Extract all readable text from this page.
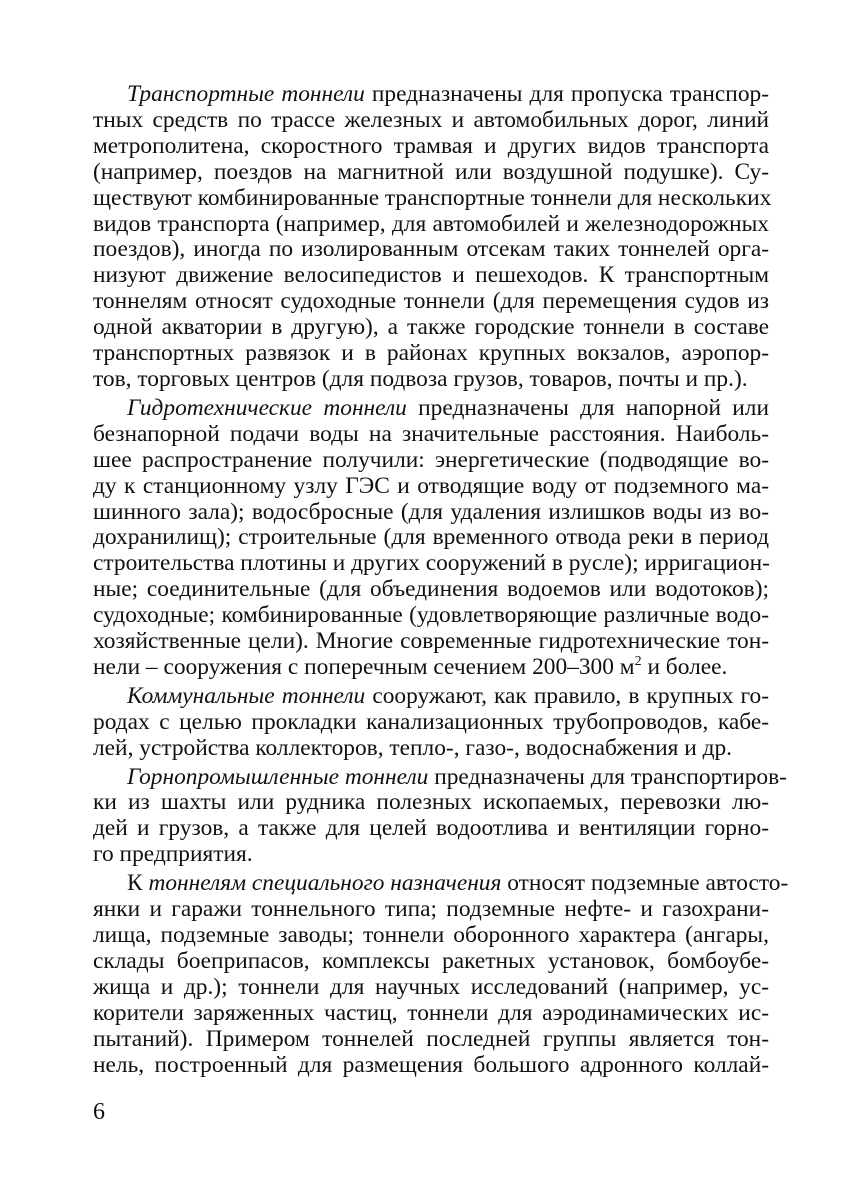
Транспортные тоннели предназначены для пропуска транспор-
тных средств по трассе железных и автомобильных дорог, линий
метрополитена, скоростного трамвая и других видов транспорта
(например, поездов на магнитной или воздушной подушке). Су-
ществуют комбинированные транспортные тоннели для нескольких
видов транспорта (например, для автомобилей и железнодорожных
поездов), иногда по изолированным отсекам таких тоннелей орга-
низуют движение велосипедистов и пешеходов. К транспортным
тоннелям относят судоходные тоннели (для перемещения судов из
одной акватории в другую), а также городские тоннели в составе
транспортных развязок и в районах крупных вокзалов, аэропор-
тов, торговых центров (для подвоза грузов, товаров, почты и пр.).

Гидротехнические тоннели предназначены для напорной или
безнапорной подачи воды на значительные расстояния. Наиболь-
шее распространение получили: энергетические (подводящие во-
ду к станционному узлу ГЭС и отводящие воду от подземного ма-
шинного зала); водосбросные (для удаления излишков воды из во-
дохранилищ); строительные (для временного отвода реки в период
строительства плотины и других сооружений в русле); ирригацион-
ные; соединительные (для объединения водоемов или водотоков);
судоходные; комбинированные (удовлетворяющие различные водо-
хозяйственные цели). Многие современные гидротехнические тон-
нели – сооружения с поперечным сечением 200–300 $м^2$ и более.

Коммунальные тоннели сооружают, как правило, в крупных го-
родах с целью прокладки канализационных трубопроводов, кабе-
лей, устройства коллекторов, тепло-, газо-, водоснабжения и др.

Горнопромышленные тоннели предназначены для транспортиров-
ки из шахты или рудника полезных ископаемых, перевозки лю-
дей и грузов, а также для целей водоотлива и вентиляции горно-
го предприятия.

К тоннелям специального назначения относят подземные автосто-
янки и гаражи тоннельного типа; подземные нефте- и газохрани-
лища, подземные заводы; тоннели оборонного характера (ангары,
склады боеприпасов, комплексы ракетных установок, бомбоубе-
жища и др.); тоннели для научных исследований (например, ус-
корители заряженных частиц, тоннели для аэродинамических ис-
пытаний). Примером тоннелей последней группы является тон-
нель, построенный для размещения большого адронного коллай-

6
